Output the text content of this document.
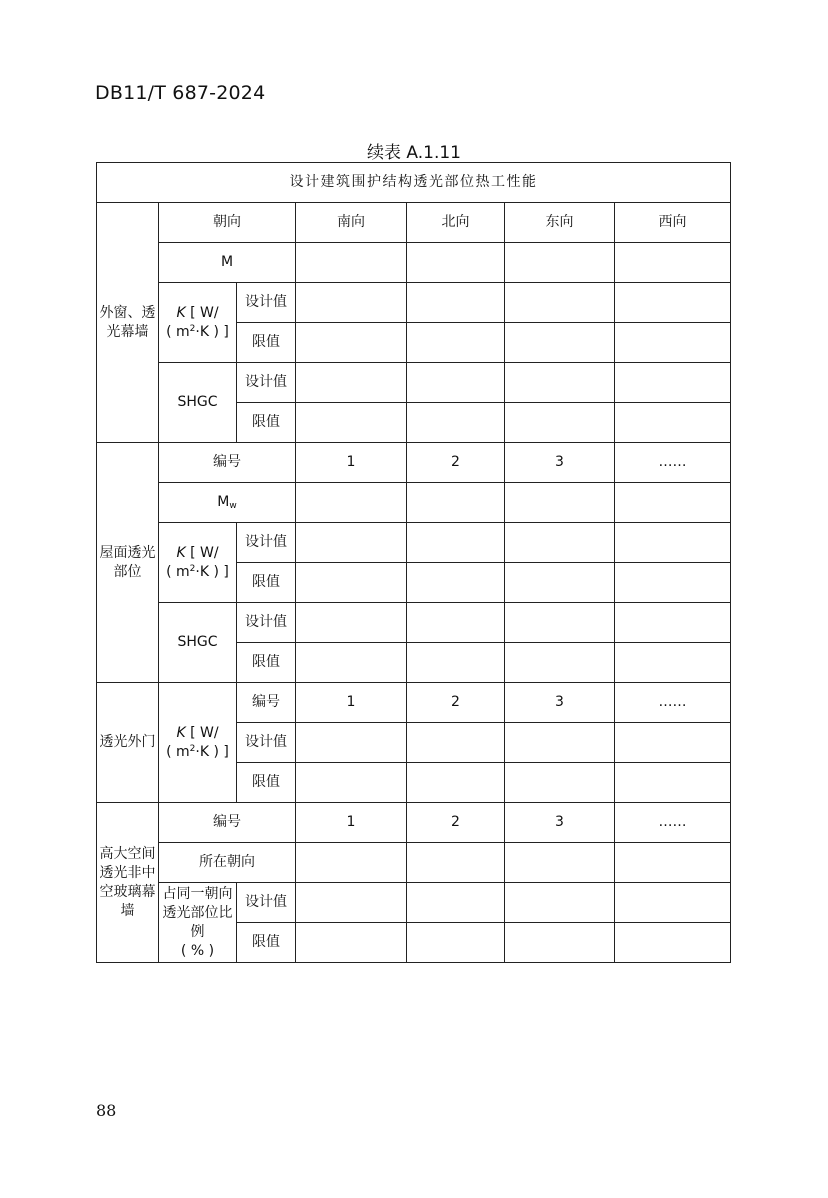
DB11/T 687-2024
续表 A.1.11
设计建筑围护结构透光部位热工性能						
外窗、透光幕墙	朝向		南向	北向	东向	西向
	M					
	K [ W/
( $m^2\cdot K$ ) ]	设计值				
		限值				
	SHGC	设计值				
		限值				
屋面透光部位	编号		1	2	3	……
	$M_w$				
	K [ W/
( $m^2\cdot K$ ) ]	设计值				
		限值				
	SHGC	设计值				
		限值				
透光外门	K [ W/
( $m^2\cdot K$ ) ]	编号	1	2	3	……
		设计值				
		限值				
高大空间透光非中空玻璃幕墙	编号		1	2	3	……
	所在朝向					
	占同一朝向透光部位比例
( % )	设计值				
		限值				
88
